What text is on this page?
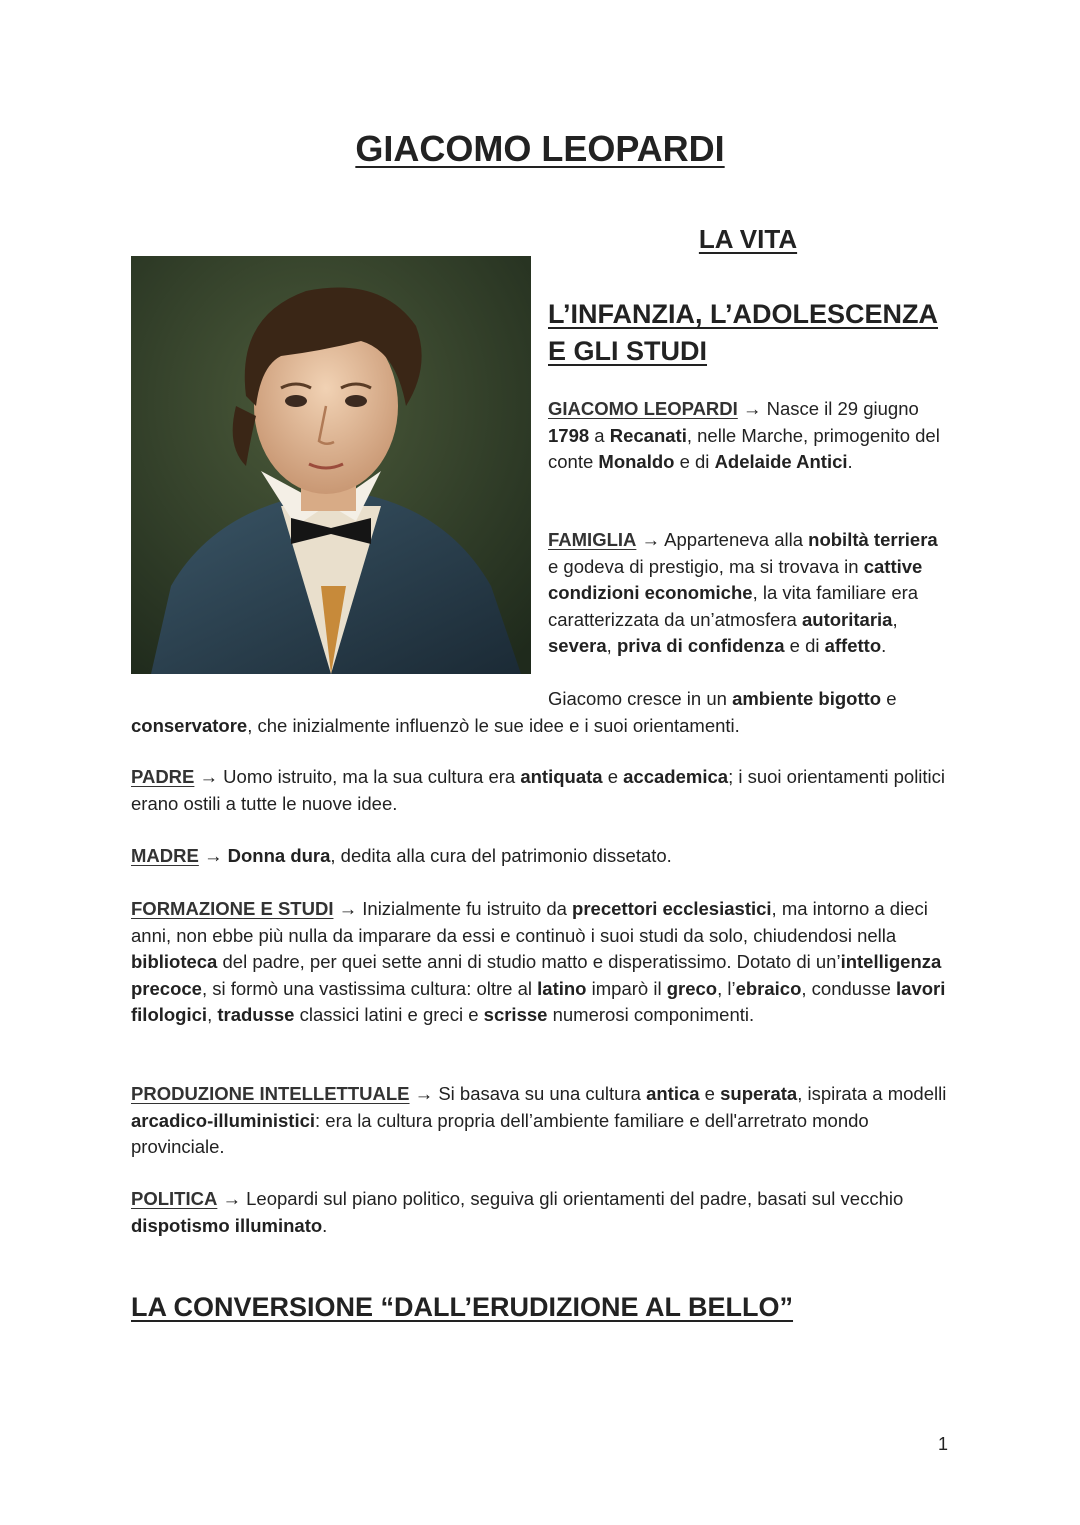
GIACOMO LEOPARDI
LA VITA
L’INFANZIA, L’ADOLESCENZA E GLI STUDI

GIACOMO LEOPARDI → Nasce il 29 giugno 1798 a Recanati, nelle Marche, primogenito del conte Monaldo e di Adelaide Antici.

FAMIGLIA → Apparteneva alla nobiltà terriera e godeva di prestigio, ma si trovava in cattive condizioni economiche, la vita familiare era caratterizzata da un’atmosfera autoritaria, severa, priva di confidenza e di affetto.

Giacomo cresce in un ambiente bigotto e conservatore, che inizialmente influenzò le sue idee e i suoi orientamenti.

PADRE → Uomo istruito, ma la sua cultura era antiquata e accademica; i suoi orientamenti politici erano ostili a tutte le nuove idee.

MADRE → Donna dura, dedita alla cura del patrimonio dissetato.

FORMAZIONE E STUDI → Inizialmente fu istruito da precettori ecclesiastici, ma intorno a dieci anni, non ebbe più nulla da imparare da essi e continuò i suoi studi da solo, chiudendosi nella biblioteca del padre, per quei sette anni di studio matto e disperatissimo. Dotato di un’intelligenza precoce, si formò una vastissima cultura: oltre al latino imparò il greco, l’ebraico, condusse lavori filologici, tradusse classici latini e greci e scrisse numerosi componimenti.

PRODUZIONE INTELLETTUALE → Si basava su una cultura antica e superata, ispirata a modelli arcadico-illuministici: era la cultura propria dell’ambiente familiare e dell'arretrato mondo provinciale.

POLITICA → Leopardi sul piano politico, seguiva gli orientamenti del padre, basati sul vecchio dispotismo illuminato.

LA CONVERSIONE “DALL’ERUDIZIONE AL BELLO”
1
